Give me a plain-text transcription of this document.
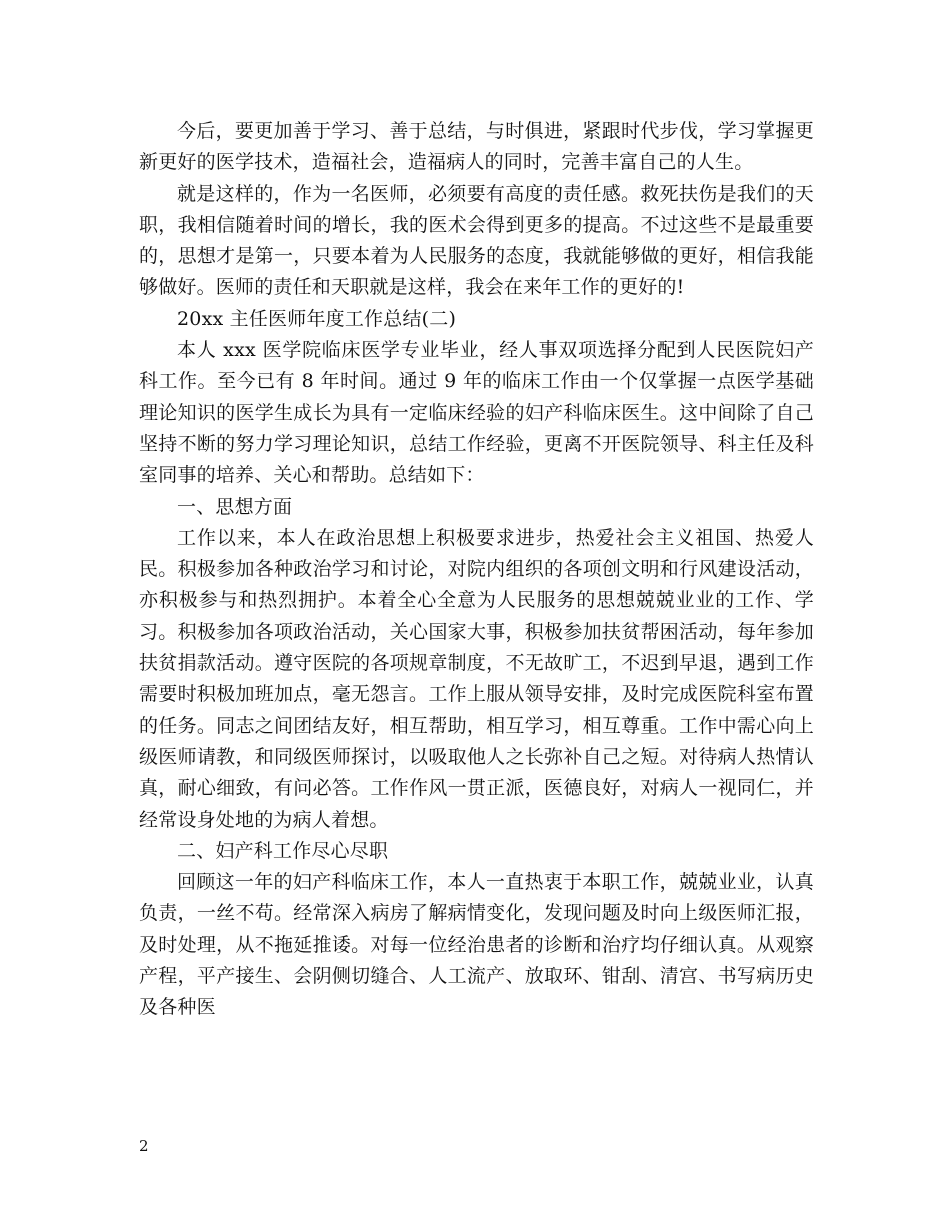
今后，要更加善于学习、善于总结，与时俱进，紧跟时代步伐，学习掌握更新更好的医学技术，造福社会，造福病人的同时，完善丰富自己的人生。

就是这样的，作为一名医师，必须要有高度的责任感。救死扶伤是我们的天职，我相信随着时间的增长，我的医术会得到更多的提高。不过这些不是最重要的，思想才是第一，只要本着为人民服务的态度，我就能够做的更好，相信我能够做好。医师的责任和天职就是这样，我会在来年工作的更好的!

20xx 主任医师年度工作总结(二)

本人 xxx 医学院临床医学专业毕业，经人事双项选择分配到人民医院妇产科工作。至今已有 8 年时间。通过 9 年的临床工作由一个仅掌握一点医学基础理论知识的医学生成长为具有一定临床经验的妇产科临床医生。这中间除了自己坚持不断的努力学习理论知识，总结工作经验，更离不开医院领导、科主任及科室同事的培养、关心和帮助。总结如下：

一、思想方面

工作以来，本人在政治思想上积极要求进步，热爱社会主义祖国、热爱人民。积极参加各种政治学习和讨论，对院内组织的各项创文明和行风建设活动，亦积极参与和热烈拥护。本着全心全意为人民服务的思想兢兢业业的工作、学习。积极参加各项政治活动，关心国家大事，积极参加扶贫帮困活动，每年参加扶贫捐款活动。遵守医院的各项规章制度，不无故旷工，不迟到早退，遇到工作需要时积极加班加点，毫无怨言。工作上服从领导安排，及时完成医院科室布置的任务。同志之间团结友好，相互帮助，相互学习，相互尊重。工作中需心向上级医师请教，和同级医师探讨，以吸取他人之长弥补自己之短。对待病人热情认真，耐心细致，有问必答。工作作风一贯正派，医德良好，对病人一视同仁，并经常设身处地的为病人着想。

二、妇产科工作尽心尽职

回顾这一年的妇产科临床工作，本人一直热衷于本职工作，兢兢业业，认真负责，一丝不苟。经常深入病房了解病情变化，发现问题及时向上级医师汇报，及时处理，从不拖延推诿。对每一位经治患者的诊断和治疗均仔细认真。从观察产程，平产接生、会阴侧切缝合、人工流产、放取环、钳刮、清宫、书写病历史及各种医

2
